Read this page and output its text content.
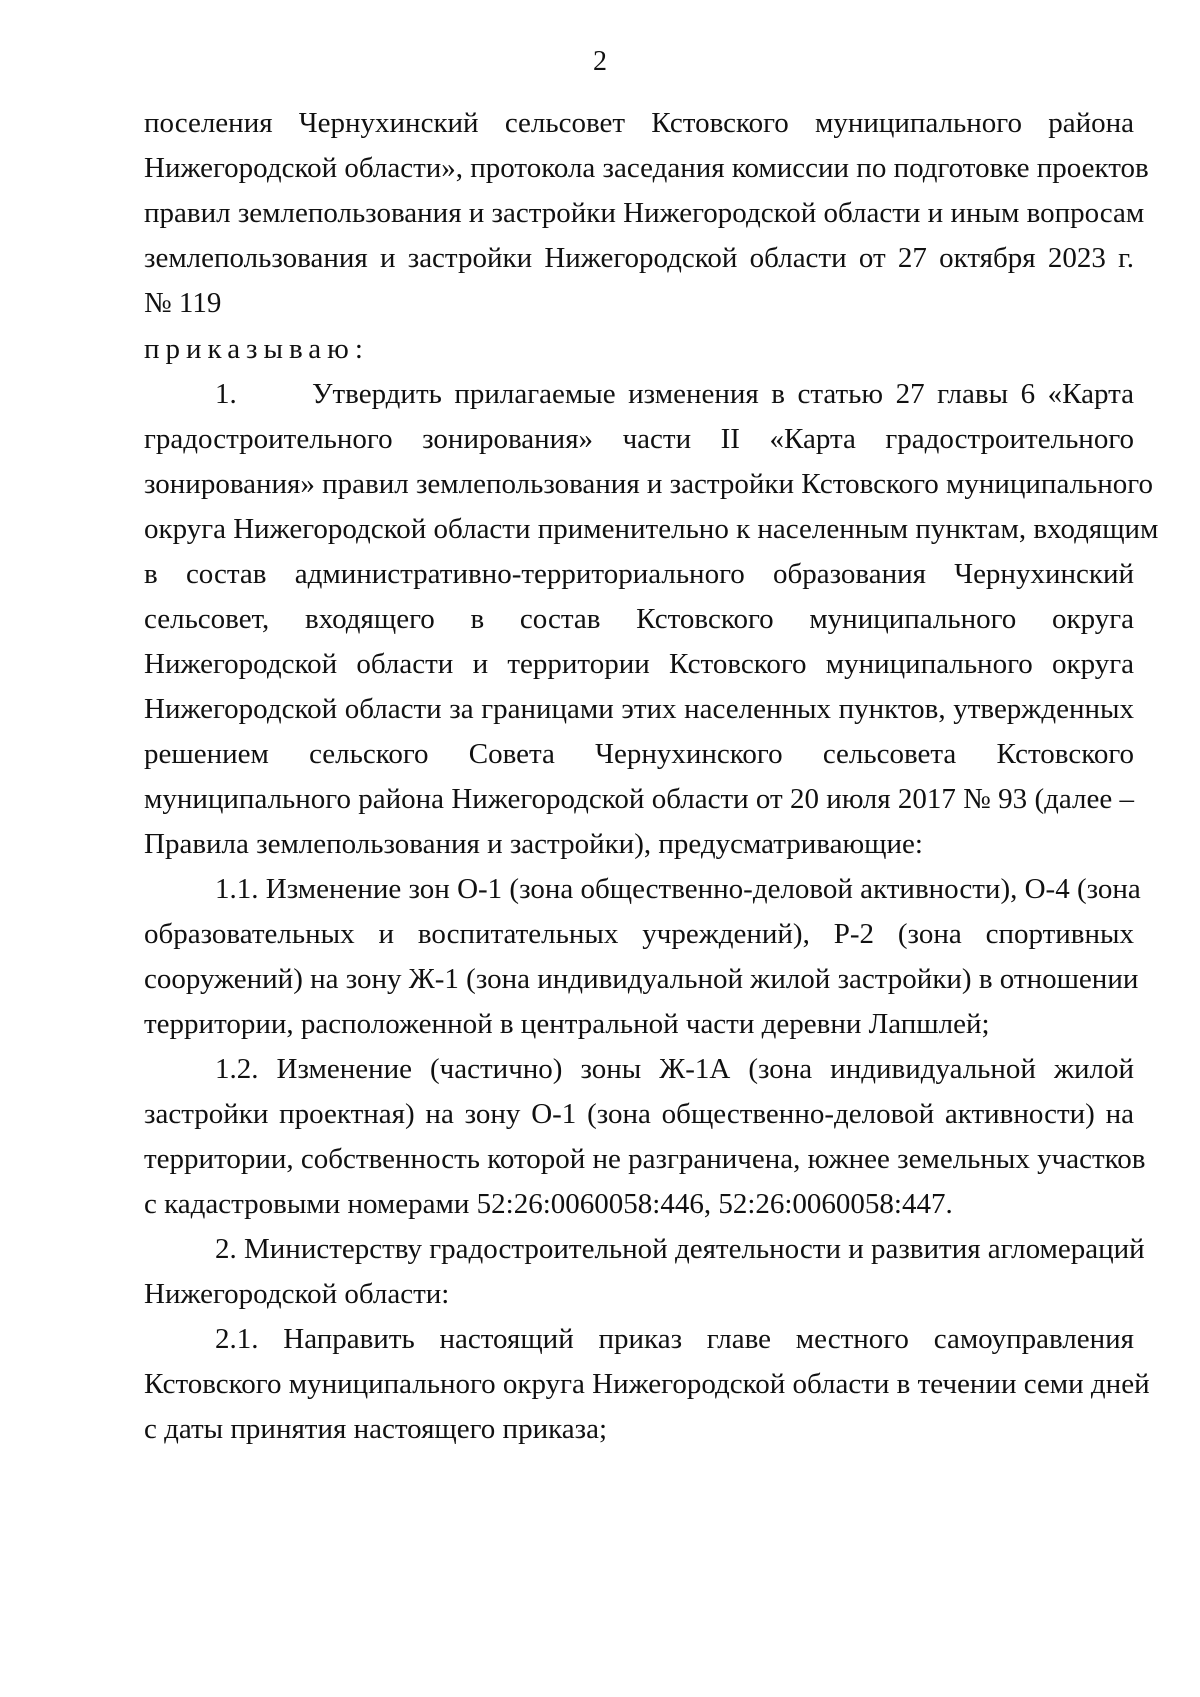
2
поселения Чернухинский сельсовет Кстовского муниципального района
Нижегородской области», протокола заседания комиссии по подготовке проектов
правил землепользования и застройки Нижегородской области и иным вопросам
землепользования и застройки Нижегородской области от 27 октября 2023 г.
№ 119
приказываю:
1.      Утвердить прилагаемые изменения в статью 27 главы 6 «Карта
градостроительного зонирования» части II «Карта градостроительного
зонирования» правил землепользования и застройки Кстовского муниципального
округа Нижегородской области применительно к населенным пунктам, входящим
в состав административно-территориального образования Чернухинский
сельсовет, входящего в состав Кстовского муниципального округа
Нижегородской области и территории Кстовского муниципального округа
Нижегородской области за границами этих населенных пунктов, утвержденных
решением сельского Совета Чернухинского сельсовета Кстовского
муниципального района Нижегородской области от 20 июля 2017 № 93 (далее –
Правила землепользования и застройки), предусматривающие:
1.1. Изменение зон О-1 (зона общественно-деловой активности), О-4 (зона
образовательных и воспитательных учреждений), Р-2 (зона спортивных
сооружений) на зону Ж-1 (зона индивидуальной жилой застройки) в отношении
территории, расположенной в центральной части деревни Лапшлей;
1.2. Изменение (частично) зоны Ж-1А (зона индивидуальной жилой
застройки проектная) на зону О-1 (зона общественно-деловой активности) на
территории, собственность которой не разграничена, южнее земельных участков
с кадастровыми номерами 52:26:0060058:446, 52:26:0060058:447.
2. Министерству градостроительной деятельности и развития агломераций
Нижегородской области:
2.1. Направить настоящий приказ главе местного самоуправления
Кстовского муниципального округа Нижегородской области в течении семи дней
с даты принятия настоящего приказа;
